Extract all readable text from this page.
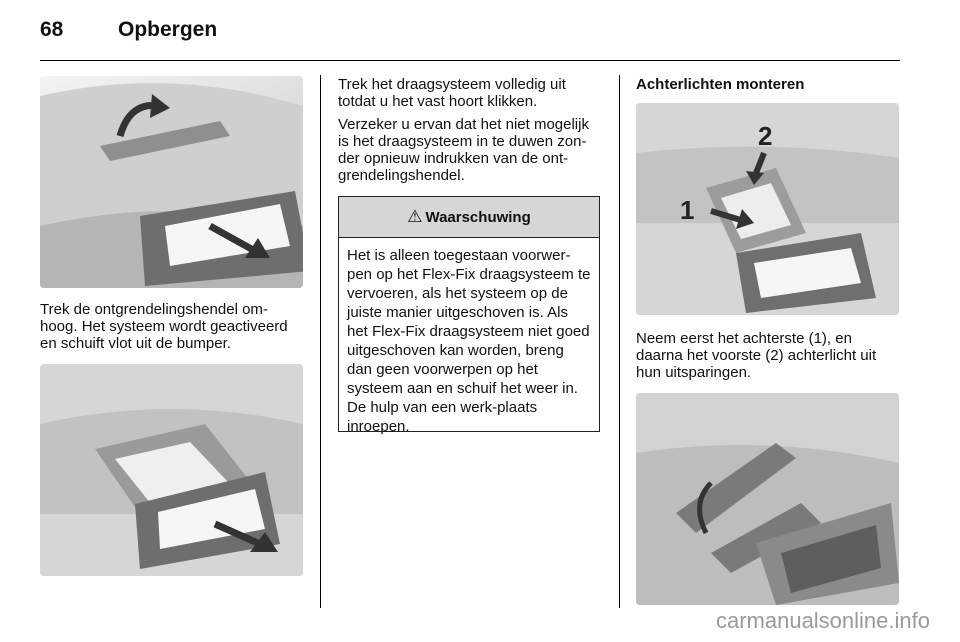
68	Opbergen

Trek de ontgrendelingshendel om-hoog. Het systeem wordt geactiveerd en schuift vlot uit de bumper.

Trek het draagsysteem volledig uit totdat u het vast hoort klikken.

Verzeker u ervan dat het niet mogelijk is het draagsysteem in te duwen zon-der opnieuw indrukken van de ont-grendelingshendel.

⚠ Waarschuwing
Het is alleen toegestaan voorwer-pen op het Flex-Fix draagsysteem te vervoeren, als het systeem op de juiste manier uitgeschoven is. Als het Flex-Fix draagsysteem niet goed uitgeschoven kan worden, breng dan geen voorwerpen op het systeem aan en schuif het weer in. De hulp van een werk-plaats inroepen.

Achterlichten monteren

1
2

Neem eerst het achterste (1), en daarna het voorste (2) achterlicht uit hun uitsparingen.

carmanualsonline.info
